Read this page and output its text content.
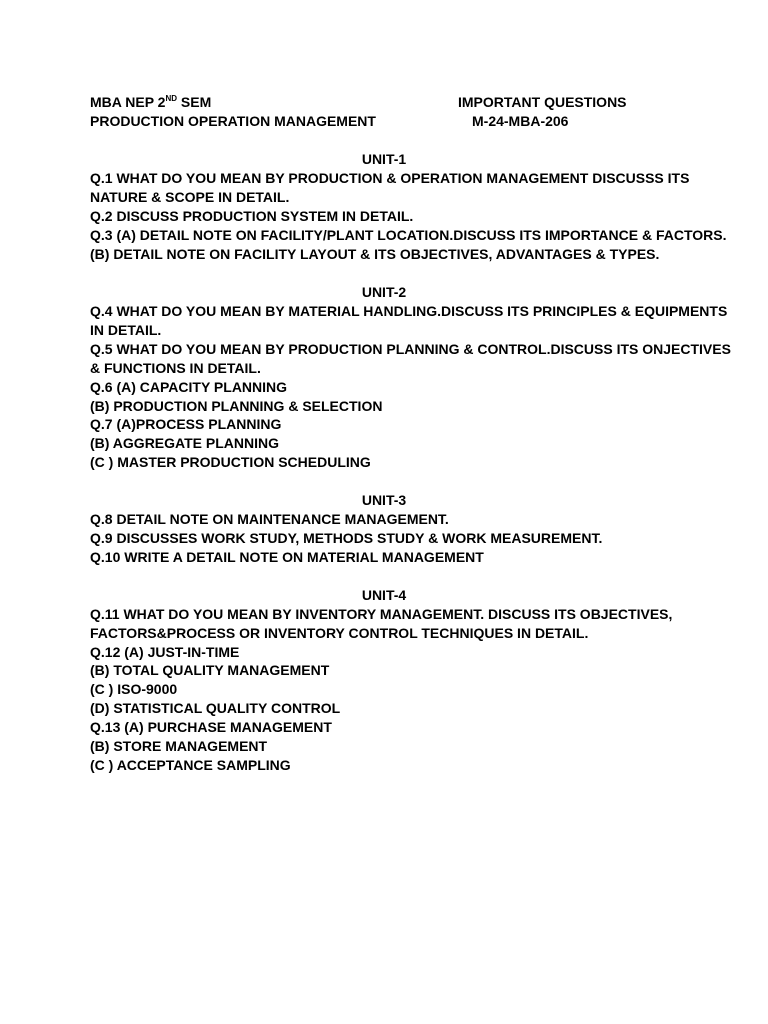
MBA NEP 2ND SEM	IMPORTANT QUESTIONS
PRODUCTION OPERATION MANAGEMENT	M-24-MBA-206
UNIT-1
Q.1 WHAT DO YOU MEAN BY PRODUCTION & OPERATION MANAGEMENT DISCUSSS ITS
NATURE & SCOPE IN DETAIL.
Q.2 DISCUSS PRODUCTION SYSTEM IN DETAIL.
Q.3 (A) DETAIL NOTE ON FACILITY/PLANT LOCATION.DISCUSS ITS IMPORTANCE & FACTORS.
(B) DETAIL NOTE ON FACILITY LAYOUT & ITS OBJECTIVES, ADVANTAGES & TYPES.
UNIT-2
Q.4 WHAT DO YOU MEAN BY MATERIAL HANDLING.DISCUSS ITS PRINCIPLES & EQUIPMENTS
IN DETAIL.
Q.5 WHAT DO YOU MEAN BY PRODUCTION PLANNING & CONTROL.DISCUSS ITS ONJECTIVES
& FUNCTIONS IN DETAIL.
Q.6 (A) CAPACITY PLANNING
(B) PRODUCTION PLANNING & SELECTION
Q.7 (A)PROCESS PLANNING
(B) AGGREGATE PLANNING
(C ) MASTER PRODUCTION SCHEDULING
UNIT-3
Q.8 DETAIL NOTE ON MAINTENANCE MANAGEMENT.
Q.9 DISCUSSES WORK STUDY, METHODS STUDY & WORK MEASUREMENT.
Q.10 WRITE A DETAIL NOTE ON MATERIAL MANAGEMENT
UNIT-4
Q.11 WHAT DO YOU MEAN BY INVENTORY MANAGEMENT. DISCUSS ITS OBJECTIVES,
FACTORS&PROCESS OR INVENTORY CONTROL TECHNIQUES IN DETAIL.
Q.12 (A) JUST-IN-TIME
(B) TOTAL QUALITY MANAGEMENT
(C ) ISO-9000
(D) STATISTICAL QUALITY CONTROL
Q.13 (A) PURCHASE MANAGEMENT
(B) STORE MANAGEMENT
(C ) ACCEPTANCE SAMPLING
